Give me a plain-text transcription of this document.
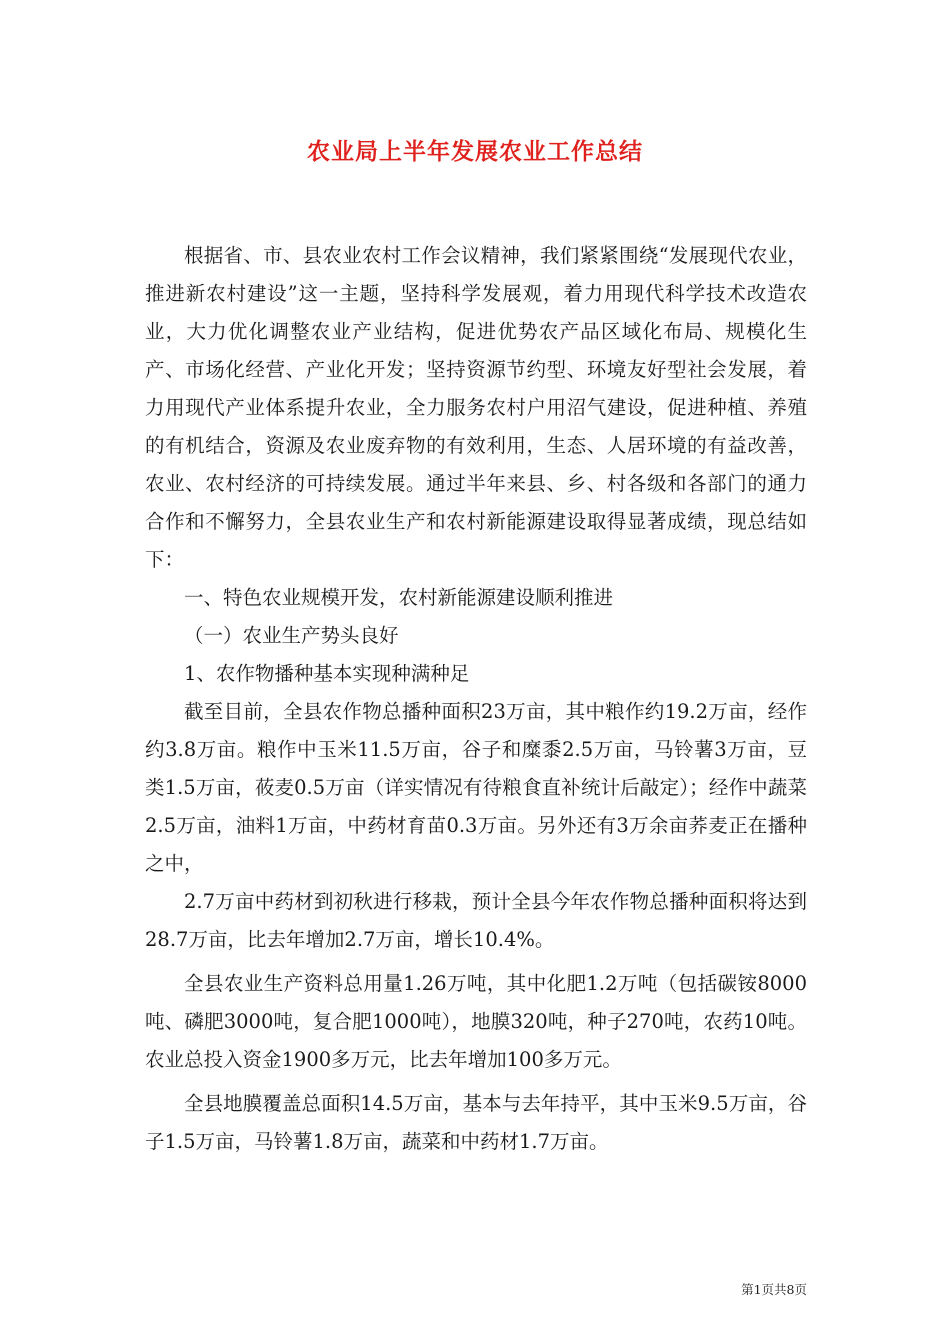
农业局上半年发展农业工作总结

根据省、市、县农业农村工作会议精神，我们紧紧围绕“发展现代农业，推进新农村建设”这一主题，坚持科学发展观，着力用现代科学技术改造农业，大力优化调整农业产业结构，促进优势农产品区域化布局、规模化生产、市场化经营、产业化开发；坚持资源节约型、环境友好型社会发展，着力用现代产业体系提升农业，全力服务农村户用沼气建设，促进种植、养殖的有机结合，资源及农业废弃物的有效利用，生态、人居环境的有益改善，农业、农村经济的可持续发展。通过半年来县、乡、村各级和各部门的通力合作和不懈努力，全县农业生产和农村新能源建设取得显著成绩，现总结如下：

一、特色农业规模开发，农村新能源建设顺利推进

（一）农业生产势头良好

1、农作物播种基本实现种满种足

截至目前，全县农作物总播种面积23万亩，其中粮作约19.2万亩，经作约3.8万亩。粮作中玉米11.5万亩，谷子和糜黍2.5万亩，马铃薯3万亩，豆类1.5万亩，莜麦0.5万亩（详实情况有待粮食直补统计后敲定）；经作中蔬菜2.5万亩，油料1万亩，中药材育苗0.3万亩。另外还有3万余亩荞麦正在播种之中，

2.7万亩中药材到初秋进行移栽，预计全县今年农作物总播种面积将达到28.7万亩，比去年增加2.7万亩，增长10.4%。

全县农业生产资料总用量1.26万吨，其中化肥1.2万吨（包括碳铵8000吨、磷肥3000吨，复合肥1000吨），地膜320吨，种子270吨，农药10吨。农业总投入资金1900多万元，比去年增加100多万元。

全县地膜覆盖总面积14.5万亩，基本与去年持平，其中玉米9.5万亩，谷子1.5万亩，马铃薯1.8万亩，蔬菜和中药材1.7万亩。

第1页共8页
